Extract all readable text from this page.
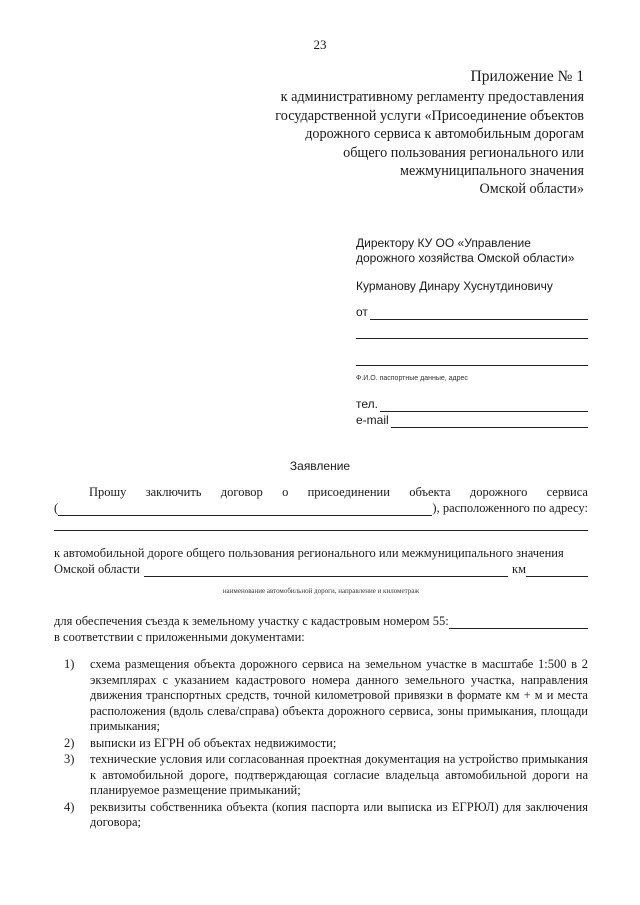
23
Приложение № 1
к административному регламенту предоставления
государственной услуги «Присоединение объектов
дорожного сервиса к автомобильным дорогам
общего пользования регионального или
межмуниципального значения
Омской области»
Директору КУ ОО «Управление
дорожного хозяйства Омской области»
Курманову Динару Хуснутдиновичу
от
Ф.И.О. паспортные данные, адрес
тел.
e-mail
Заявление
Прошу заключить договор о присоединении объекта дорожного сервиса
(	), расположенного по адресу:
к автомобильной дороге общего пользования регионального или межмуниципального значения
Омской области	км
наименование автомобильной дороги, направление и километраж
для обеспечения съезда к земельному участку с кадастровым номером 55:
в соответствии с приложенными документами:
1) схема размещения объекта дорожного сервиса на земельном участке в масштабе 1:500 в 2 экземплярах с указанием кадастрового номера данного земельного участка, направления движения транспортных средств, точной километровой привязки в формате км + м и места расположения (вдоль слева/справа) объекта дорожного сервиса, зоны примыкания, площади примыкания;
2) выписки из ЕГРН об объектах недвижимости;
3) технические условия или согласованная проектная документация на устройство примыкания к автомобильной дороге, подтверждающая согласие владельца автомобильной дороги на планируемое размещение примыканий;
4) реквизиты собственника объекта (копия паспорта или выписка из ЕГРЮЛ) для заключения договора;
